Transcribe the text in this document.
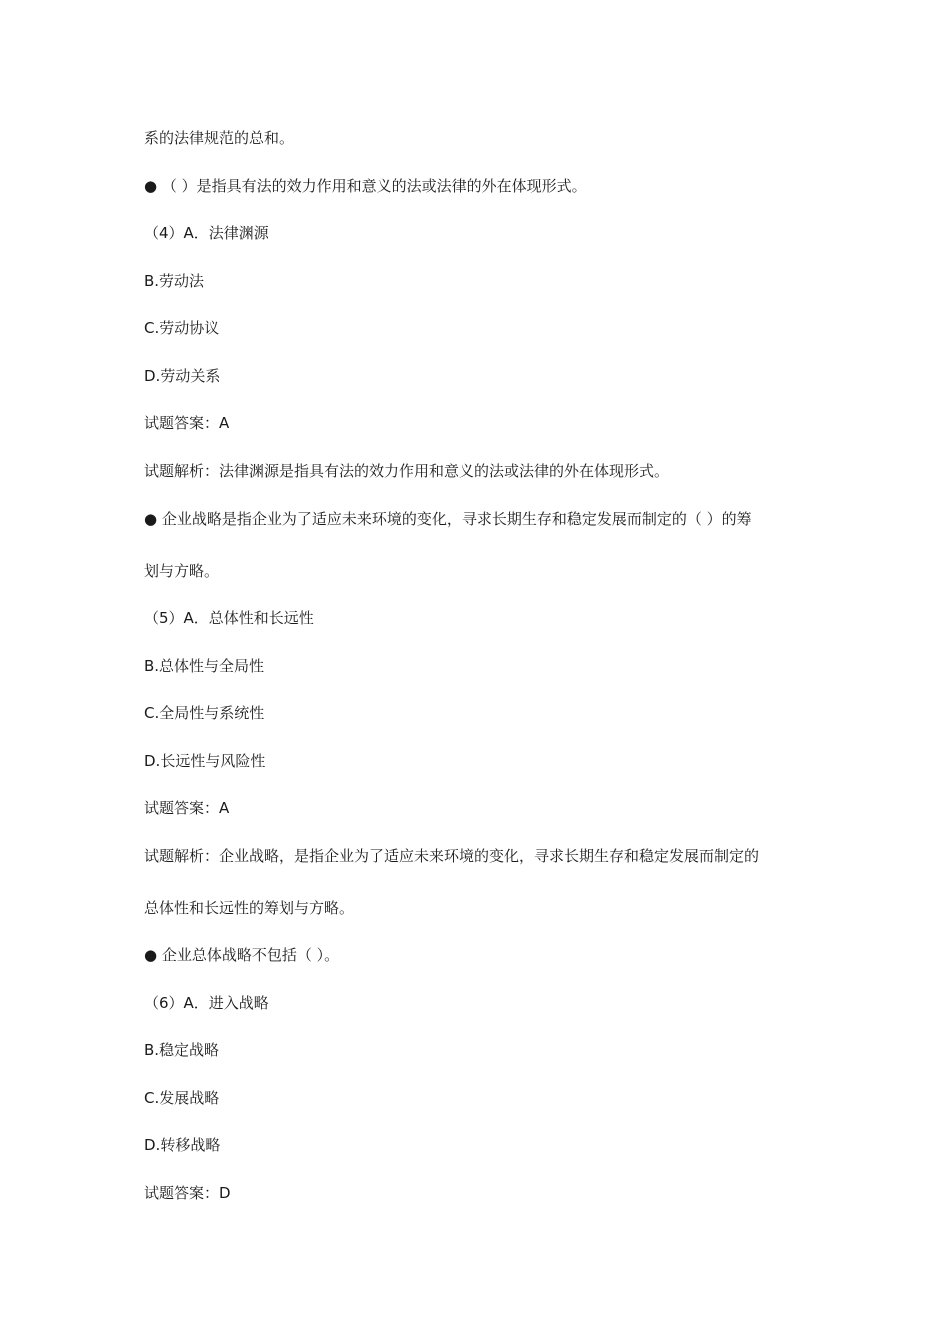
系的法律规范的总和。
● （ ）是指具有法的效力作用和意义的法或法律的外在体现形式。
（4）A．法律渊源
B.劳动法
C.劳动协议
D.劳动关系
试题答案：A
试题解析：法律渊源是指具有法的效力作用和意义的法或法律的外在体现形式。
● 企业战略是指企业为了适应未来环境的变化，寻求长期生存和稳定发展而制定的（ ）的筹
划与方略。
（5）A．总体性和长远性
B.总体性与全局性
C.全局性与系统性
D.长远性与风险性
试题答案：A
试题解析：企业战略，是指企业为了适应未来环境的变化，寻求长期生存和稳定发展而制定的
总体性和长远性的筹划与方略。
● 企业总体战略不包括（ ）。
（6）A．进入战略
B.稳定战略
C.发展战略
D.转移战略
试题答案：D
